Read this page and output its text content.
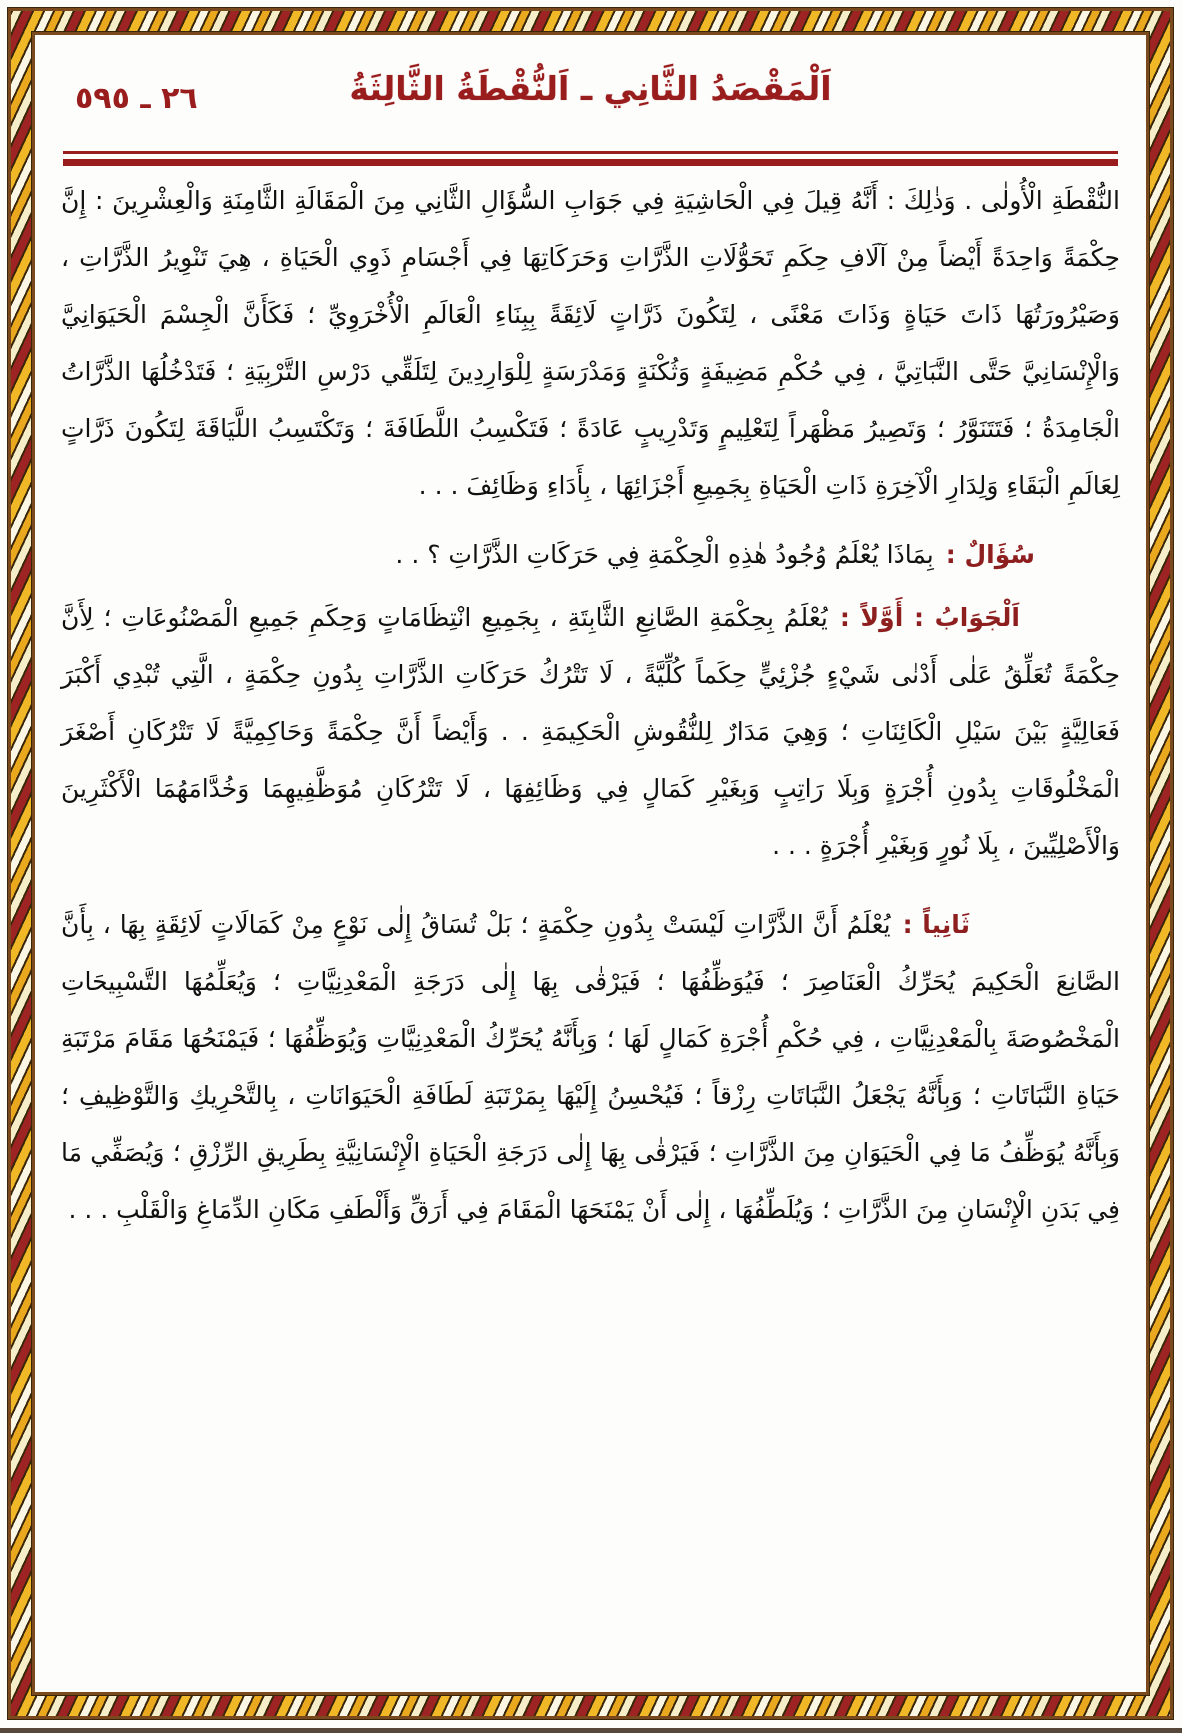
٢٦ ـ ٥٩٥	اَلْمَقْصَدُ الثَّانِي ـ اَلنُّقْطَةُ الثَّالِثَةُ

النُّقْطَةِ الْأُولٰى . وَذٰلِكَ : أَنَّهُ قِيلَ فِي الْحَاشِيَةِ فِي جَوَابِ السُّؤَالِ الثَّانِي مِنَ الْمَقَالَةِ الثَّامِنَةِ وَالْعِشْرِينَ : إِنَّ حِكْمَةً وَاحِدَةً أَيْضاً مِنْ آلَافِ حِكَمِ تَحَوُّلَاتِ الذَّرَّاتِ وَحَرَكَاتِهَا فِي أَجْسَامِ ذَوِي الْحَيَاةِ ، هِيَ تَنْوِيرُ الذَّرَّاتِ ، وَصَيْرُورَتُهَا ذَاتَ حَيَاةٍ وَذَاتَ مَعْنًى ، لِتَكُونَ ذَرَّاتٍ لَائِقَةً بِبِنَاءِ الْعَالَمِ الْأُخْرَوِيِّ ؛ فَكَأَنَّ الْجِسْمَ الْحَيَوَانِيَّ وَالْإِنْسَانِيَّ حَتَّى النَّبَاتِيَّ ، فِي حُكْمِ مَضِيفَةٍ وَثُكْنَةٍ وَمَدْرَسَةٍ لِلْوَارِدِينَ لِتَلَقِّي دَرْسِ التَّرْبِيَةِ ؛ فَتَدْخُلُهَا الذَّرَّاتُ الْجَامِدَةُ ؛ فَتَتَنَوَّرُ ؛ وَتَصِيرُ مَظْهَراً لِتَعْلِيمٍ وَتَدْرِيبٍ عَادَةً ؛ فَتَكْسِبُ اللَّطَافَةَ ؛ وَتَكْتَسِبُ اللَّيَاقَةَ لِتَكُونَ ذَرَّاتٍ لِعَالَمِ الْبَقَاءِ وَلِدَارِ الْآخِرَةِ ذَاتِ الْحَيَاةِ بِجَمِيعِ أَجْزَائِهَا ، بِأَدَاءِ وَظَائِفَ . . .

سُؤَالٌ :بِمَاذَا يُعْلَمُ وُجُودُ هٰذِهِ الْحِكْمَةِ فِي حَرَكَاتِ الذَّرَّاتِ ؟ . .

اَلْجَوَابُ : أَوَّلاً :يُعْلَمُ بِحِكْمَةِ الصَّانِعِ الثَّابِتَةِ ، بِجَمِيعِ انْتِظَامَاتٍ وَحِكَمِ جَمِيعِ الْمَصْنُوعَاتِ ؛ لِأَنَّ حِكْمَةً تُعَلِّقُ عَلٰى أَدْنٰى شَيْءٍ جُزْئِيٍّ حِكَماً كُلِّيَّةً ، لَا تَتْرُكُ حَرَكَاتِ الذَّرَّاتِ بِدُونِ حِكْمَةٍ ، الَّتِي تُبْدِي أَكْبَرَ فَعَالِيَّةٍ بَيْنَ سَيْلِ الْكَائِنَاتِ ؛ وَهِيَ مَدَارٌ لِلنُّقُوشِ الْحَكِيمَةِ . . وَأَيْضاً أَنَّ حِكْمَةً وَحَاكِمِيَّةً لَا تَتْرُكَانِ أَصْغَرَ الْمَخْلُوقَاتِ بِدُونِ أُجْرَةٍ وَبِلَا رَاتِبٍ وَبِغَيْرِ كَمَالٍ فِي وَظَائِفِهَا ، لَا تَتْرُكَانِ مُوَظَّفِيهِمَا وَخُدَّامَهُمَا الْأَكْثَرِينَ وَالْأَصْلِيِّينَ ، بِلَا نُورٍ وَبِغَيْرِ أُجْرَةٍ . . .

ثَانِياً :يُعْلَمُ أَنَّ الذَّرَّاتِ لَيْسَتْ بِدُونِ حِكْمَةٍ ؛ بَلْ تُسَاقُ إِلٰى نَوْعٍ مِنْ كَمَالَاتٍ لَائِقَةٍ بِهَا ، بِأَنَّ الصَّانِعَ الْحَكِيمَ يُحَرِّكُ الْعَنَاصِرَ ؛ فَيُوَظِّفُهَا ؛ فَيَرْقٰى بِهَا إِلٰى دَرَجَةِ الْمَعْدِنِيَّاتِ ؛ وَيُعَلِّمُهَا التَّسْبِيحَاتِ الْمَخْصُوصَةَ بِالْمَعْدِنِيَّاتِ ، فِي حُكْمِ أُجْرَةِ كَمَالٍ لَهَا ؛ وَبِأَنَّهُ يُحَرِّكُ الْمَعْدِنِيَّاتِ وَيُوَظِّفُهَا ؛ فَيَمْنَحُهَا مَقَامَ مَرْتَبَةِ حَيَاةِ النَّبَاتَاتِ ؛ وَبِأَنَّهُ يَجْعَلُ النَّبَاتَاتِ رِزْقاً ؛ فَيُحْسِنُ إِلَيْهَا بِمَرْتَبَةِ لَطَافَةِ الْحَيَوَانَاتِ ، بِالتَّحْرِيكِ وَالتَّوْظِيفِ ؛ وَبِأَنَّهُ يُوَظِّفُ مَا فِي الْحَيَوَانِ مِنَ الذَّرَّاتِ ؛ فَيَرْقٰى بِهَا إِلٰى دَرَجَةِ الْحَيَاةِ الْإِنْسَانِيَّةِ بِطَرِيقِ الرِّزْقِ ؛ وَيُصَفِّي مَا فِي بَدَنِ الْإِنْسَانِ مِنَ الذَّرَّاتِ ؛ وَيُلَطِّفُهَا ، إِلٰى أَنْ يَمْنَحَهَا الْمَقَامَ فِي أَرَقِّ وَأَلْطَفِ مَكَانِ الدِّمَاغِ وَالْقَلْبِ . . .
